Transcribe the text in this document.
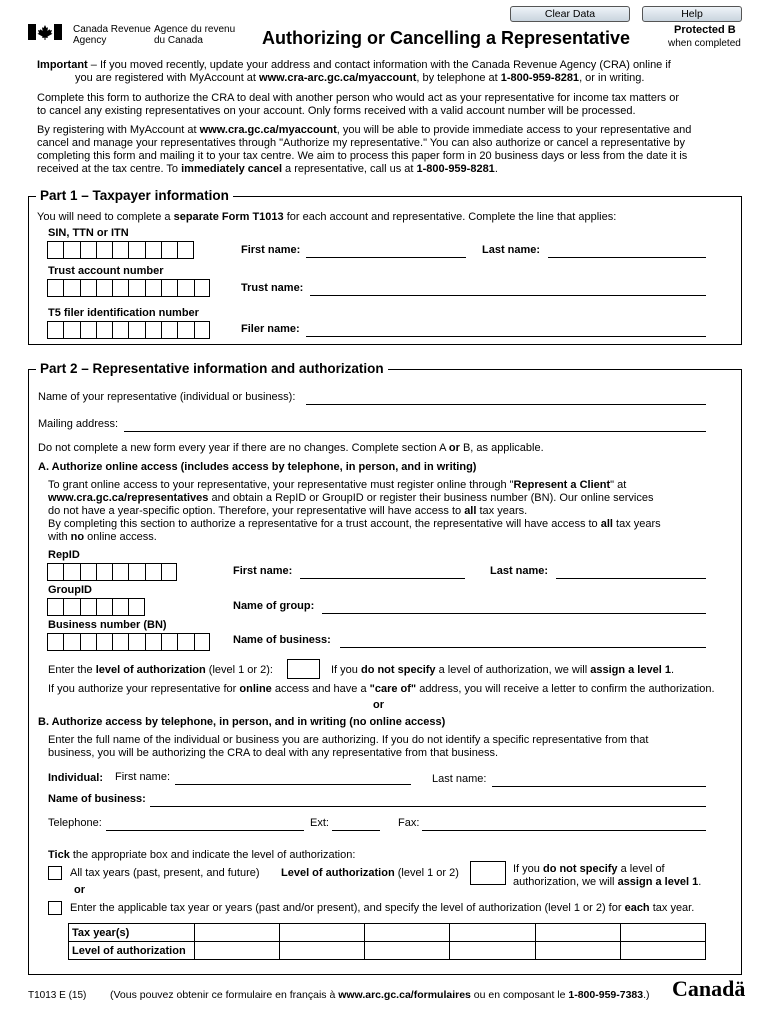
Canada Revenue
Agency
Agence du revenu
du Canada	Authorizing or Cancelling a Representative
Clear Data	Help
Protected B
when completed
Important – If you moved recently, update your address and contact information with the Canada Revenue Agency (CRA) online if
you are registered with MyAccount at www.cra-arc.gc.ca/myaccount, by telephone at 1-800-959-8281, or in writing.
Complete this form to authorize the CRA to deal with another person who would act as your representative for income tax matters or
to cancel any existing representatives on your account. Only forms received with a valid account number will be processed.
By registering with MyAccount at www.cra.gc.ca/myaccount, you will be able to provide immediate access to your representative and
cancel and manage your representatives through "Authorize my representative." You can also authorize or cancel a representative by
completing this form and mailing it to your tax centre. We aim to process this paper form in 20 business days or less from the date it is
received at the tax centre. To immediately cancel a representative, call us at 1-800-959-8281.
Part 1 – Taxpayer information
You will need to complete a separate Form T1013 for each account and representative. Complete the line that applies:
SIN, TTN or ITN
First name:	Last name:
Trust account number
Trust name:
T5 filer identification number
Filer name:
Part 2 – Representative information and authorization
Name of your representative (individual or business):
Mailing address:
Do not complete a new form every year if there are no changes. Complete section A or B, as applicable.
A. Authorize online access (includes access by telephone, in person, and in writing)
To grant online access to your representative, your representative must register online through "Represent a Client" at
www.cra.gc.ca/representatives and obtain a RepID or GroupID or register their business number (BN). Our online services
do not have a year-specific option. Therefore, your representative will have access to all tax years.
By completing this section to authorize a representative for a trust account, the representative will have access to all tax years
with no online access.
RepID
First name:	Last name:
GroupID
Name of group:
Business number (BN)
Name of business:
Enter the level of authorization (level 1 or 2):	If you do not specify a level of authorization, we will assign a level 1.
If you authorize your representative for online access and have a "care of" address, you will receive a letter to confirm the authorization.
or
B. Authorize access by telephone, in person, and in writing (no online access)
Enter the full name of the individual or business you are authorizing. If you do not identify a specific representative from that
business, you will be authorizing the CRA to deal with any representative from that business.
Individual: First name:	Last name:
Name of business:
Telephone:	Ext:	Fax:
Tick the appropriate box and indicate the level of authorization:
All tax years (past, present, and future) Level of authorization (level 1 or 2)	If you do not specify a level of
authorization, we will assign a level 1.
or
Enter the applicable tax year or years (past and/or present), and specify the level of authorization (level 1 or 2) for each tax year.
Tax year(s)						
Level of authorization						
T1013 E (15) (Vous pouvez obtenir ce formulaire en français à www.arc.gc.ca/formulaires ou en composant le 1-800-959-7383.) Canadä
